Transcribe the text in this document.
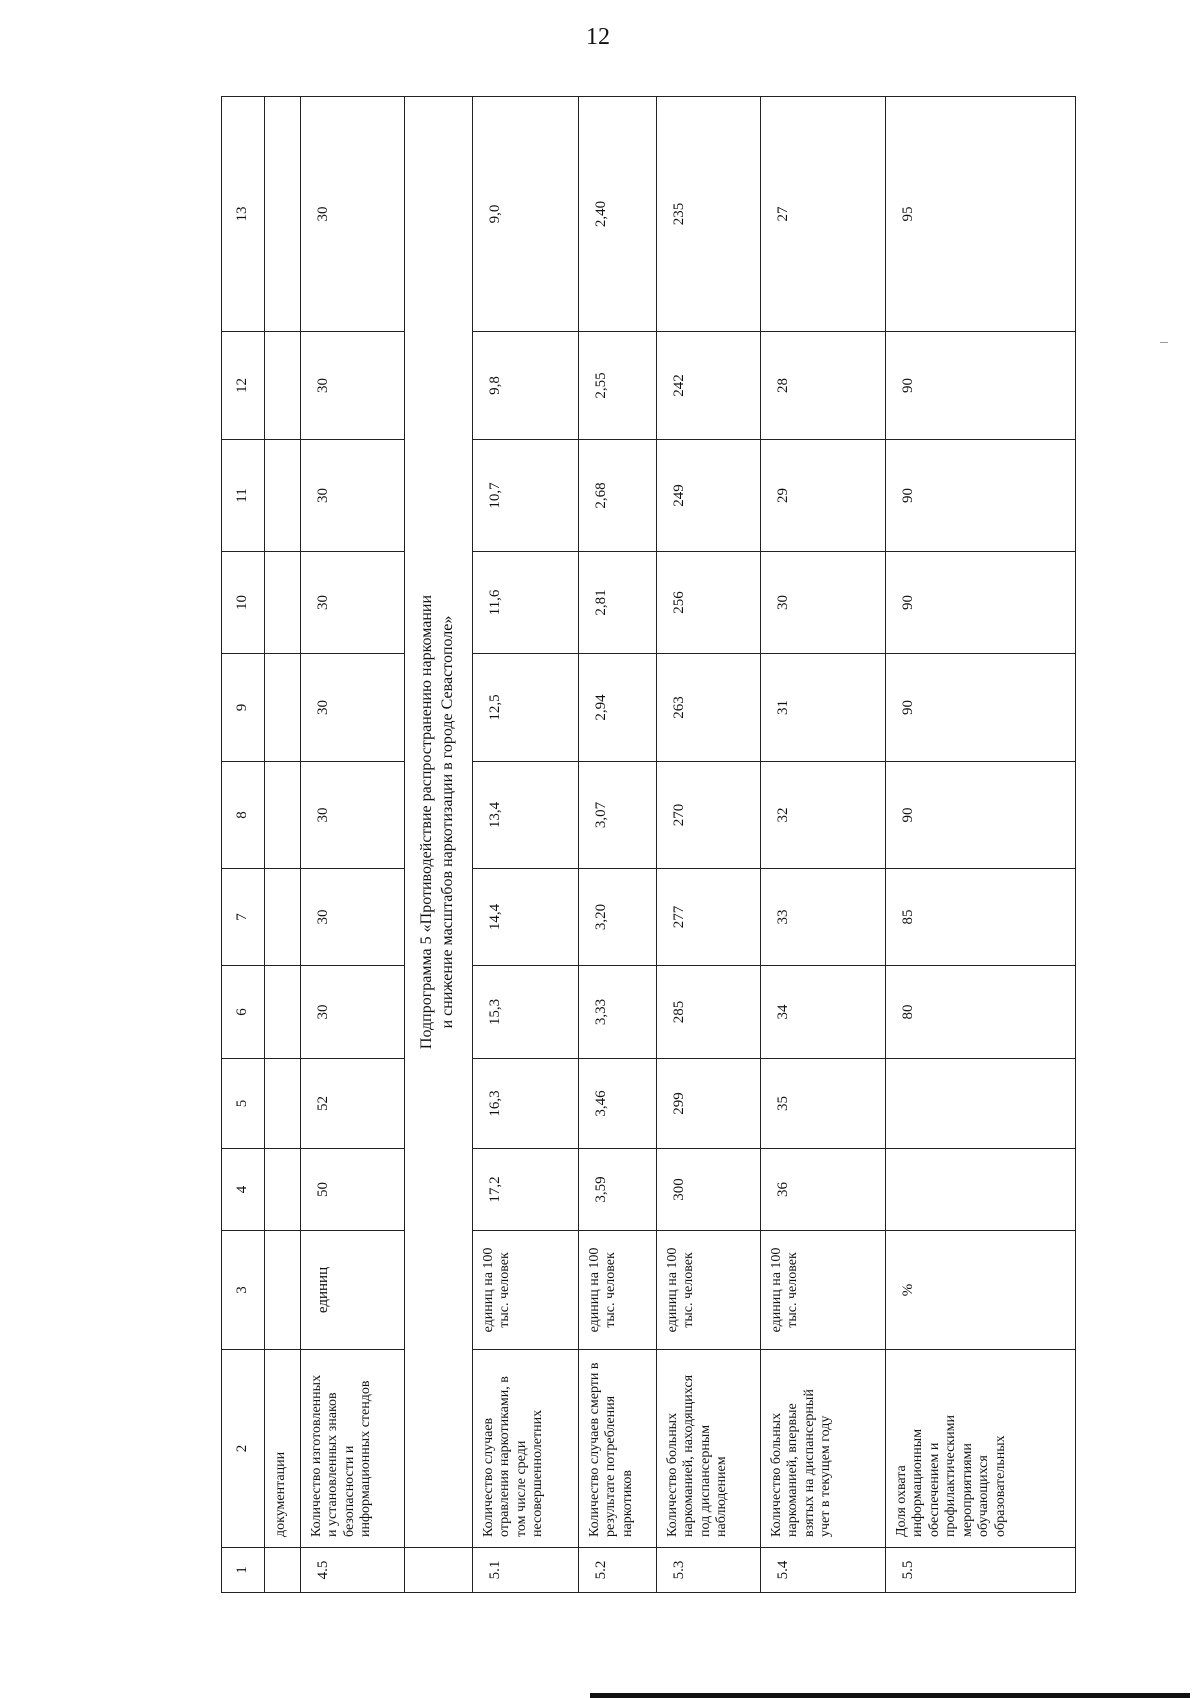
12
1	2	3	4	5	6	7	8	9	10	11	12	13
	документации											
4.5	Количество изготовленных и установленных знаков безопасности и информационных стендов	единиц	50	52	30	30	30	30	30	30	30	30

	Подпрограмма 5 «Противодействие распространению наркомании и снижение масштабов наркотизации в городе Севастополе»											

5.1	Количество случаев отравления наркотиками, в том числе среди несовершеннолетних	единиц на 100 тыс. человек	17,2	16,3	15,3	14,4	13,4	12,5	11,6	10,7	9,8	9,0
5.2	Количество случаев смерти в результате потребления наркотиков	единиц на 100 тыс. человек	3,59	3,46	3,33	3,20	3,07	2,94	2,81	2,68	2,55	2,40
5.3	Количество больных наркоманией, находящихся под диспансерным наблюдением	единиц на 100 тыс. человек	300	299	285	277	270	263	256	249	242	235
5.4	Количество больных наркоманией, впервые взятых на диспансерный учет в текущем году	единиц на 100 тыс. человек	36	35	34	33	32	31	30	29	28	27
5.5	Доля охвата информационным обеспечением и профилактическими мероприятиями обучающихся образовательных	%			80	85	90	90	90	90	90	95
